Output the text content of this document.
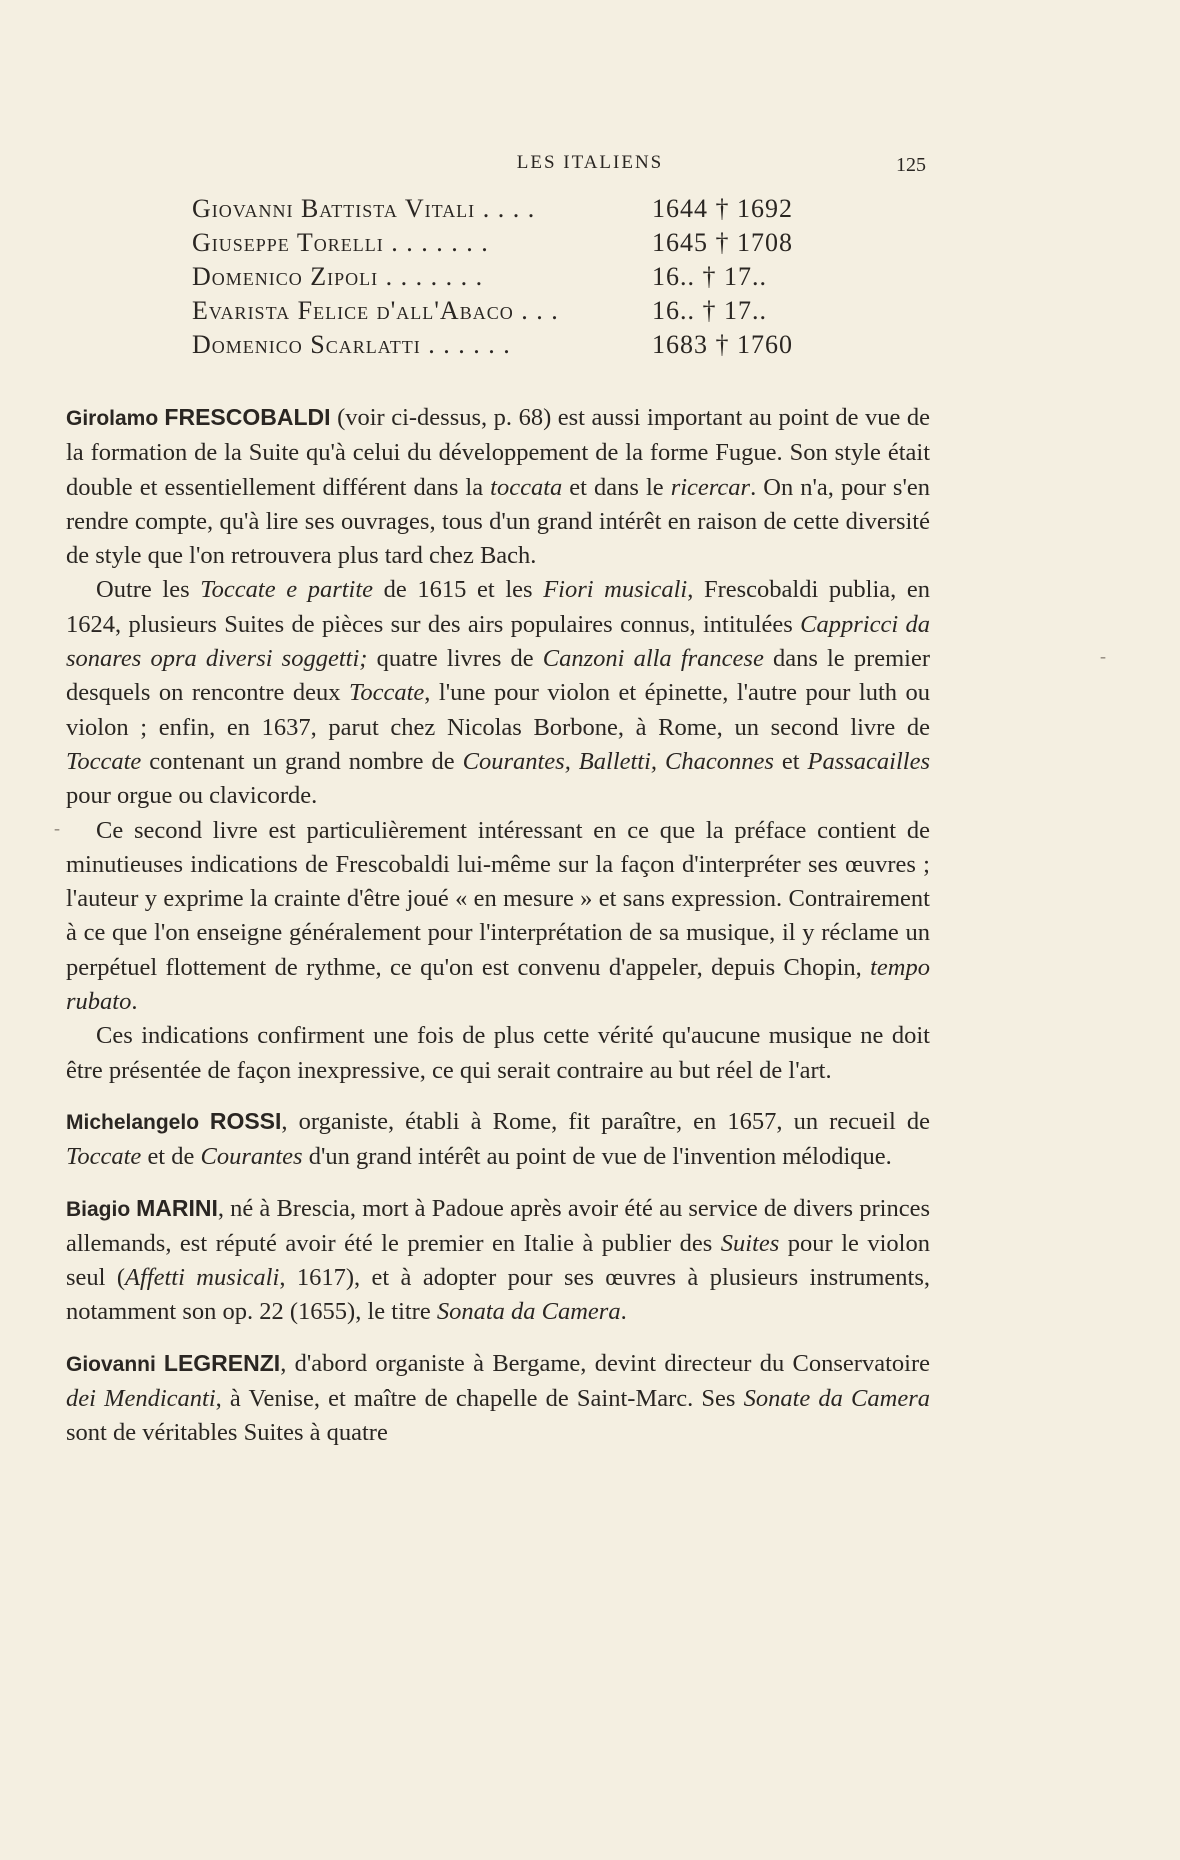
LES ITALIENS	125
Giovanni Battista Vitali . . . .	1644 † 1692
Giuseppe Torelli . . . . . . .	1645 † 1708
Domenico Zipoli . . . . . . .	16.. † 17..
Evarista Felice d'all'Abaco . . .	16.. † 17..
Domenico Scarlatti . . . . . .	1683 † 1760

Girolamo FRESCOBALDI (voir ci-dessus, p. 68) est aussi important au point de vue de la formation de la Suite qu'à celui du développement de la forme Fugue. Son style était double et essentiellement différent dans la toccata et dans le ricercar. On n'a, pour s'en rendre compte, qu'à lire ses ouvrages, tous d'un grand intérêt en raison de cette diversité de style que l'on retrouvera plus tard chez Bach.

Outre les Toccate e partite de 1615 et les Fiori musicali, Frescobaldi publia, en 1624, plusieurs Suites de pièces sur des airs populaires connus, intitulées Cappricci da sonares opra diversi soggetti; quatre livres de Canzoni alla francese dans le premier desquels on rencontre deux Toccate, l'une pour violon et épinette, l'autre pour luth ou violon ; enfin, en 1637, parut chez Nicolas Borbone, à Rome, un second livre de Toccate contenant un grand nombre de Courantes, Balletti, Chaconnes et Passacailles pour orgue ou clavicorde.

Ce second livre est particulièrement intéressant en ce que la préface contient de minutieuses indications de Frescobaldi lui-même sur la façon d'interpréter ses œuvres ; l'auteur y exprime la crainte d'être joué « en mesure » et sans expression. Contrairement à ce que l'on enseigne généralement pour l'interprétation de sa musique, il y réclame un perpétuel flottement de rythme, ce qu'on est convenu d'appeler, depuis Chopin, tempo rubato.

Ces indications confirment une fois de plus cette vérité qu'aucune musique ne doit être présentée de façon inexpressive, ce qui serait contraire au but réel de l'art.

Michelangelo ROSSI, organiste, établi à Rome, fit paraître, en 1657, un recueil de Toccate et de Courantes d'un grand intérêt au point de vue de l'invention mélodique.

Biagio MARINI, né à Brescia, mort à Padoue après avoir été au service de divers princes allemands, est réputé avoir été le premier en Italie à publier des Suites pour le violon seul (Affetti musicali, 1617), et à adopter pour ses œuvres à plusieurs instruments, notamment son op. 22 (1655), le titre Sonata da Camera.

Giovanni LEGRENZI, d'abord organiste à Bergame, devint directeur du Conservatoire dei Mendicanti, à Venise, et maître de chapelle de Saint-Marc. Ses Sonate da Camera sont de véritables Suites à quatre

-
-
